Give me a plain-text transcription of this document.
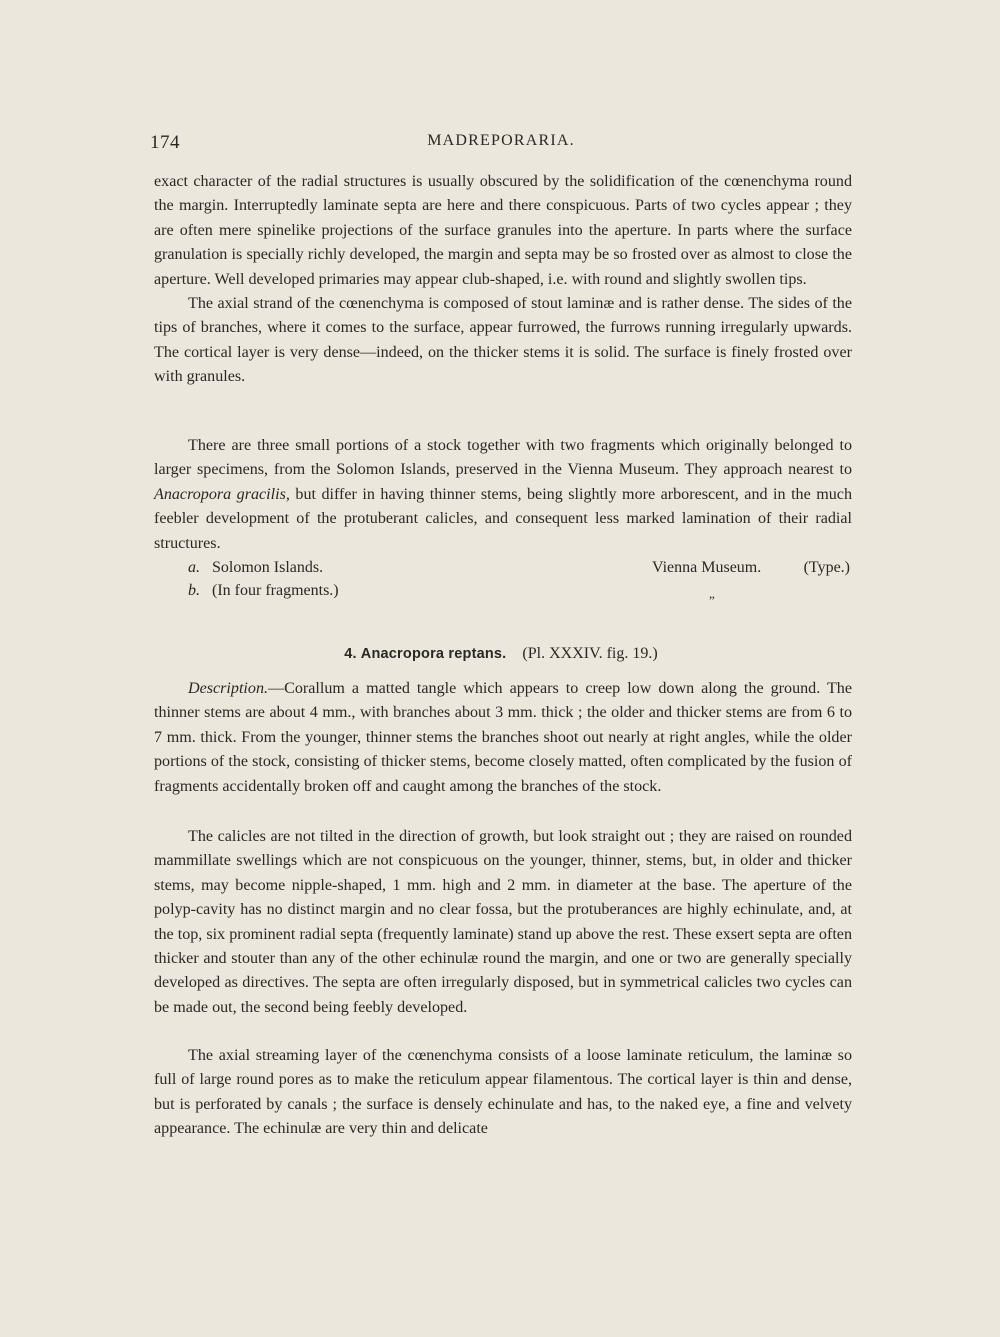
174	MADREPORARIA.

exact character of the radial structures is usually obscured by the solidification of the cœnenchyma round the margin. Interruptedly laminate septa are here and there conspicuous. Parts of two cycles appear ; they are often mere spinelike projections of the surface granules into the aperture. In parts where the surface granulation is specially richly developed, the margin and septa may be so frosted over as almost to close the aperture. Well developed primaries may appear club-shaped, i.e. with round and slightly swollen tips.

The axial strand of the cœnenchyma is composed of stout laminæ and is rather dense. The sides of the tips of branches, where it comes to the surface, appear furrowed, the furrows running irregularly upwards. The cortical layer is very dense—indeed, on the thicker stems it is solid. The surface is finely frosted over with granules.

There are three small portions of a stock together with two fragments which originally belonged to larger specimens, from the Solomon Islands, preserved in the Vienna Museum. They approach nearest to Anacropora gracilis, but differ in having thinner stems, being slightly more arborescent, and in the much feebler development of the protuberant calicles, and consequent less marked lamination of their radial structures.

a. Solomon Islands.	Vienna Museum.	(Type.)
b. (In four fragments.)	„
4. Anacropora reptans. (Pl. XXXIV. fig. 19.)

Description.—Corallum a matted tangle which appears to creep low down along the ground. The thinner stems are about 4 mm., with branches about 3 mm. thick ; the older and thicker stems are from 6 to 7 mm. thick. From the younger, thinner stems the branches shoot out nearly at right angles, while the older portions of the stock, consisting of thicker stems, become closely matted, often complicated by the fusion of fragments accidentally broken off and caught among the branches of the stock.

The calicles are not tilted in the direction of growth, but look straight out ; they are raised on rounded mammillate swellings which are not conspicuous on the younger, thinner, stems, but, in older and thicker stems, may become nipple-shaped, 1 mm. high and 2 mm. in diameter at the base. The aperture of the polyp-cavity has no distinct margin and no clear fossa, but the protuberances are highly echinulate, and, at the top, six prominent radial septa (frequently laminate) stand up above the rest. These exsert septa are often thicker and stouter than any of the other echinulæ round the margin, and one or two are generally specially developed as directives. The septa are often irregularly disposed, but in symmetrical calicles two cycles can be made out, the second being feebly developed.

The axial streaming layer of the cœnenchyma consists of a loose laminate reticulum, the laminæ so full of large round pores as to make the reticulum appear filamentous. The cortical layer is thin and dense, but is perforated by canals ; the surface is densely echinulate and has, to the naked eye, a fine and velvety appearance. The echinulæ are very thin and delicate
